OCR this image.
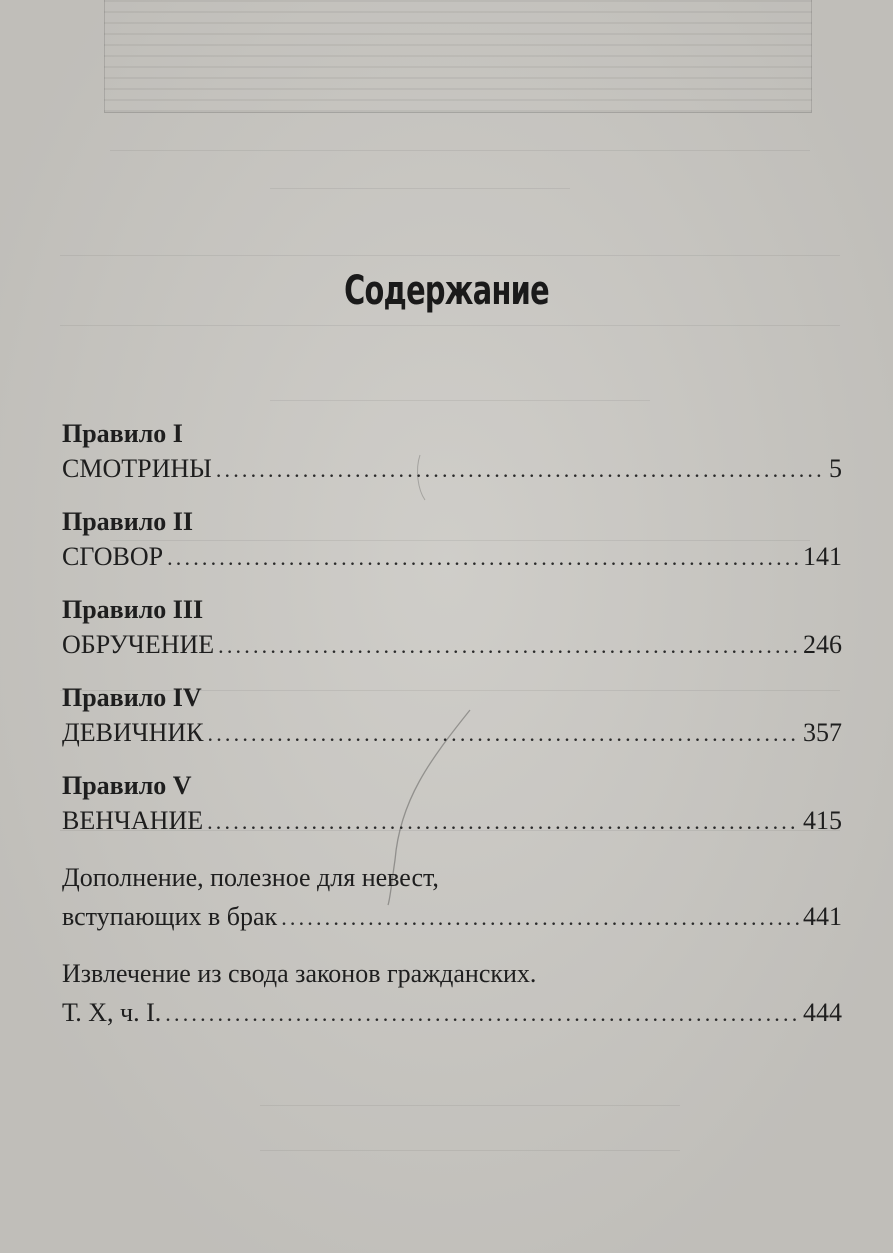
Содержание
Правило I
СМОТРИНЫ .....	5
Правило II
СГОВОР .....	141
Правило III
ОБРУЧЕНИЕ .....	246
Правило IV
ДЕВИЧНИК .....	357
Правило V
ВЕНЧАНИЕ .....	415
Дополнение, полезное для невест,
вступающих в брак .....	441
Извлечение из свода законов гражданских.
Т. X, ч. I. .....	444
